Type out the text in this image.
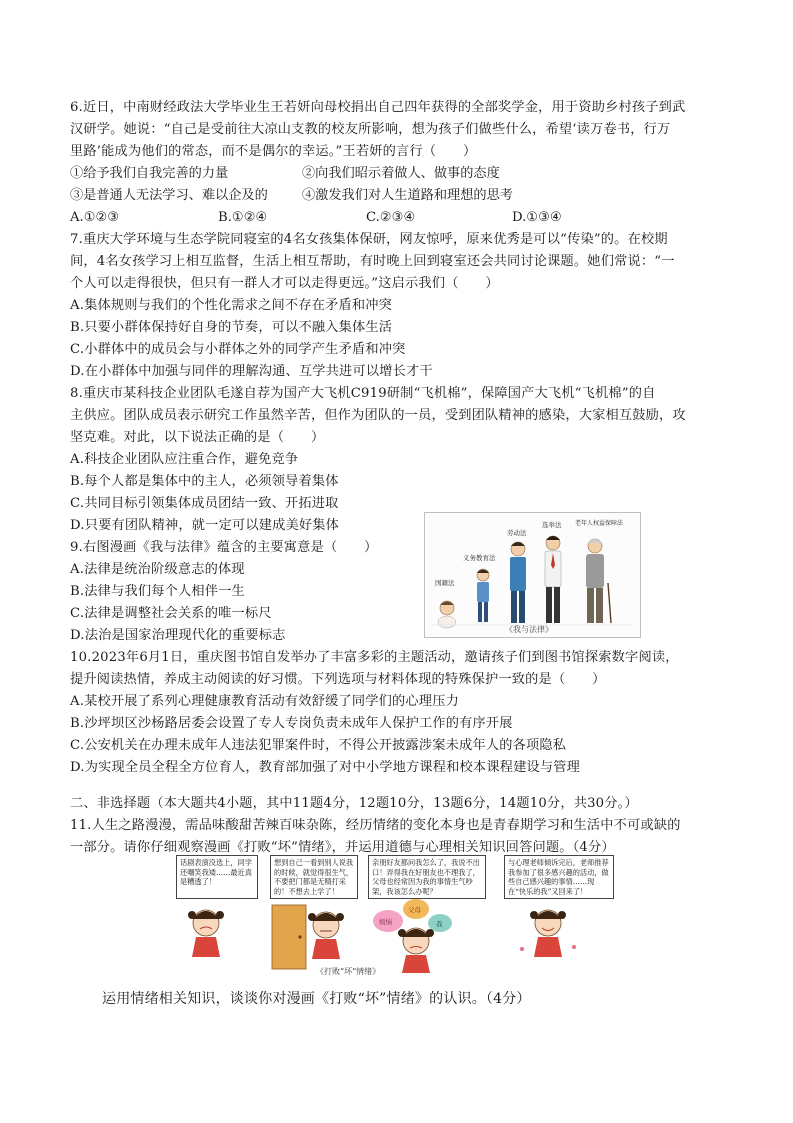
6.近日，中南财经政法大学毕业生王若妍向母校捐出自己四年获得的全部奖学金，用于资助乡村孩子到武
汉研学。她说：“自己是受前往大凉山支教的校友所影响，想为孩子们做些什么，希望‘读万卷书，行万
里路’能成为他们的常态，而不是偶尔的幸运。”王若妍的言行（　　）
①给予我们自我完善的力量	②向我们昭示着做人、做事的态度
③是普通人无法学习、难以企及的	④激发我们对人生道路和理想的思考
A.①②③	B.①②④	C.②③④	D.①③④
7.重庆大学环境与生态学院同寝室的4名女孩集体保研，网友惊呼，原来优秀是可以“传染”的。在校期
间，4名女孩学习上相互监督，生活上相互帮助，有时晚上回到寝室还会共同讨论课题。她们常说：“一
个人可以走得很快，但只有一群人才可以走得更远。”这启示我们（　　）
A.集体规则与我们的个性化需求之间不存在矛盾和冲突
B.只要小群体保持好自身的节奏，可以不融入集体生活
C.小群体中的成员会与小群体之外的同学产生矛盾和冲突
D.在小群体中加强与同伴的理解沟通、互学共进可以增长才干
8.重庆市某科技企业团队毛遂自荐为国产大飞机C919研制“飞机棉”，保障国产大飞机“飞机棉”的自
主供应。团队成员表示研究工作虽然辛苦，但作为团队的一员，受到团队精神的感染，大家相互鼓励，攻
坚克难。对此，以下说法正确的是（　　）
A.科技企业团队应注重合作，避免竞争
B.每个人都是集体中的主人，必须领导着集体
C.共同目标引领集体成员团结一致、开拓进取
D.只要有团队精神，就一定可以建成美好集体
9.右图漫画《我与法律》蕴含的主要寓意是（　　）
A.法律是统治阶级意志的体现
B.法律与我们每个人相伴一生
C.法律是调整社会关系的唯一标尺
D.法治是国家治理现代化的重要标志
国籍法
义务教育法
劳动法
选举法 老年人权益保障法
《我与法律》
10.2023年6月1日，重庆图书馆自发举办了丰富多彩的主题活动，邀请孩子们到图书馆探索数字阅读，
提升阅读热情，养成主动阅读的好习惯。下列选项与材料体现的特殊保护一致的是（　　）
A.某校开展了系列心理健康教育活动有效舒缓了同学们的心理压力
B.沙坪坝区沙杨路居委会设置了专人专岗负责未成年人保护工作的有序开展
C.公安机关在办理未成年人违法犯罪案件时，不得公开披露涉案未成年人的各项隐私
D.为实现全员全程全方位育人，教育部加强了对中小学地方课程和校本课程建设与管理
二、非选择题（本大题共4小题，其中11题4分，12题10分，13题6分，14题10分，共30分。）
11.人生之路漫漫，需品味酸甜苦辣百味杂陈，经历情绪的变化本身也是青春期学习和生活中不可或缺的
一部分。请你仔细观察漫画《打败“坏”情绪》，并运用道德与心理相关知识回答问题。（4分）
话剧表演没选上，同学还嘲笑我矮……最近真是糟透了！
想到自己一看到别人说我的时候，就觉得很生气，不要把门都是无精打采的！不想去上学了！
亲朋好友都问我怎么了，我说不出口！弄得我在好朋友也不理我了，父母也经常因为我的事情生气吵架，我该怎么办呢？
与心理老师倾诉完后，老师推荐我参加了很多感兴趣的活动，做些自己感兴趣的事情……现在“快乐的我”又回来了！
烦恼
父母
我
《打败“坏”情绪》
运用情绪相关知识，谈谈你对漫画《打败“坏”情绪》的认识。（4分）
